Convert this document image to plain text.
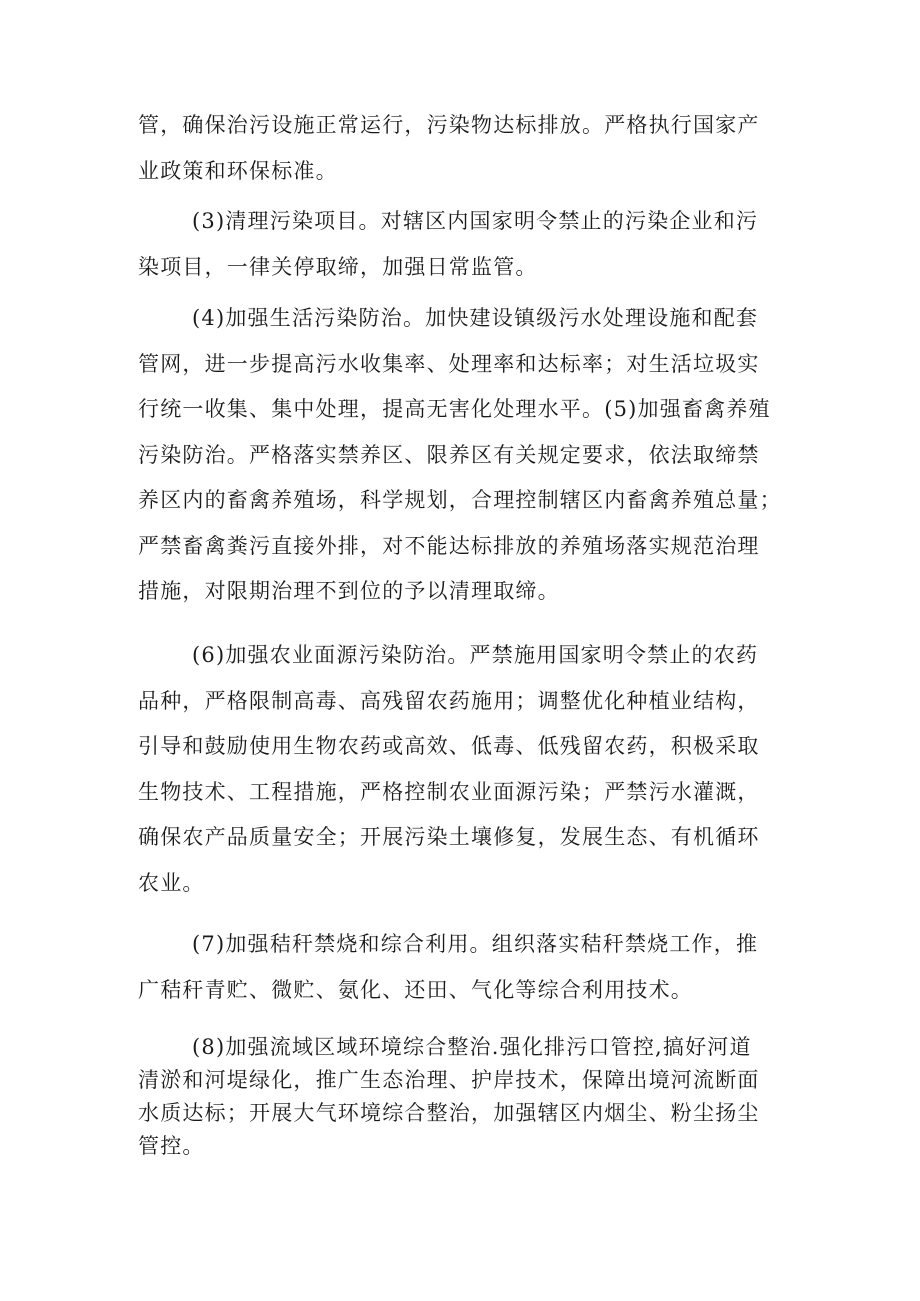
管，确保治污设施正常运行，污染物达标排放。严格执行国家产
业政策和环保标准。
(3)清理污染项目。对辖区内国家明令禁止的污染企业和污
染项目，一律关停取缔，加强日常监管。
(4)加强生活污染防治。加快建设镇级污水处理设施和配套
管网，进一步提高污水收集率、处理率和达标率；对生活垃圾实
行统一收集、集中处理，提高无害化处理水平。(5)加强畜禽养殖
污染防治。严格落实禁养区、限养区有关规定要求，依法取缔禁
养区内的畜禽养殖场，科学规划，合理控制辖区内畜禽养殖总量；
严禁畜禽粪污直接外排，对不能达标排放的养殖场落实规范治理
措施，对限期治理不到位的予以清理取缔。
(6)加强农业面源污染防治。严禁施用国家明令禁止的农药
品种，严格限制高毒、高残留农药施用；调整优化种植业结构，
引导和鼓励使用生物农药或高效、低毒、低残留农药，积极采取
生物技术、工程措施，严格控制农业面源污染；严禁污水灌溉，
确保农产品质量安全；开展污染土壤修复，发展生态、有机循环
农业。
(7)加强秸秆禁烧和综合利用。组织落实秸秆禁烧工作，推
广秸秆青贮、微贮、氨化、还田、气化等综合利用技术。
(8)加强流域区域环境综合整治.强化排污口管控,搞好河道
清淤和河堤绿化，推广生态治理、护岸技术，保障出境河流断面
水质达标；开展大气环境综合整治，加强辖区内烟尘、粉尘扬尘
管控。
